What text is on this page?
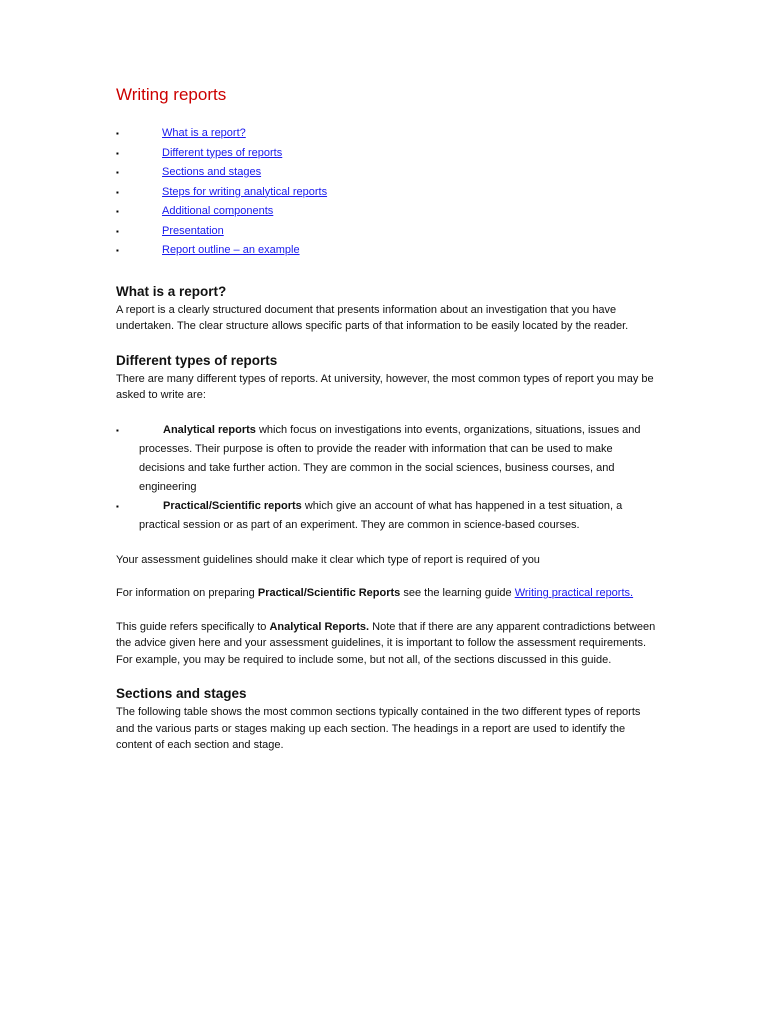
Writing reports
▪	What is a report?
▪	Different types of reports
▪	Sections and stages
▪	Steps for writing analytical reports
▪	Additional components
▪	Presentation
▪	Report outline – an example
What is a report?

A report is a clearly structured document that presents information about an investigation that you have undertaken. The clear structure allows specific parts of that information to be easily located by the reader.

Different types of reports

There are many different types of reports. At university, however, the most common types of report you may be asked to write are:

▪	Analytical reports which focus on investigations into events, organizations, situations, issues and processes. Their purpose is often to provide the reader with information that can be used to make decisions and take further action. They are common in the social sciences, business courses, and engineering
▪	Practical/Scientific reports which give an account of what has happened in a test situation, a practical session or as part of an experiment. They are common in science-based courses.

Your assessment guidelines should make it clear which type of report is required of you

For information on preparing Practical/Scientific Reports see the learning guide Writing practical reports.

This guide refers specifically to Analytical Reports. Note that if there are any apparent contradictions between the advice given here and your assessment guidelines, it is important to follow the assessment requirements. For example, you may be required to include some, but not all, of the sections discussed in this guide.

Sections and stages

The following table shows the most common sections typically contained in the two different types of reports and the various parts or stages making up each section. The headings in a report are used to identify the content of each section and stage.
